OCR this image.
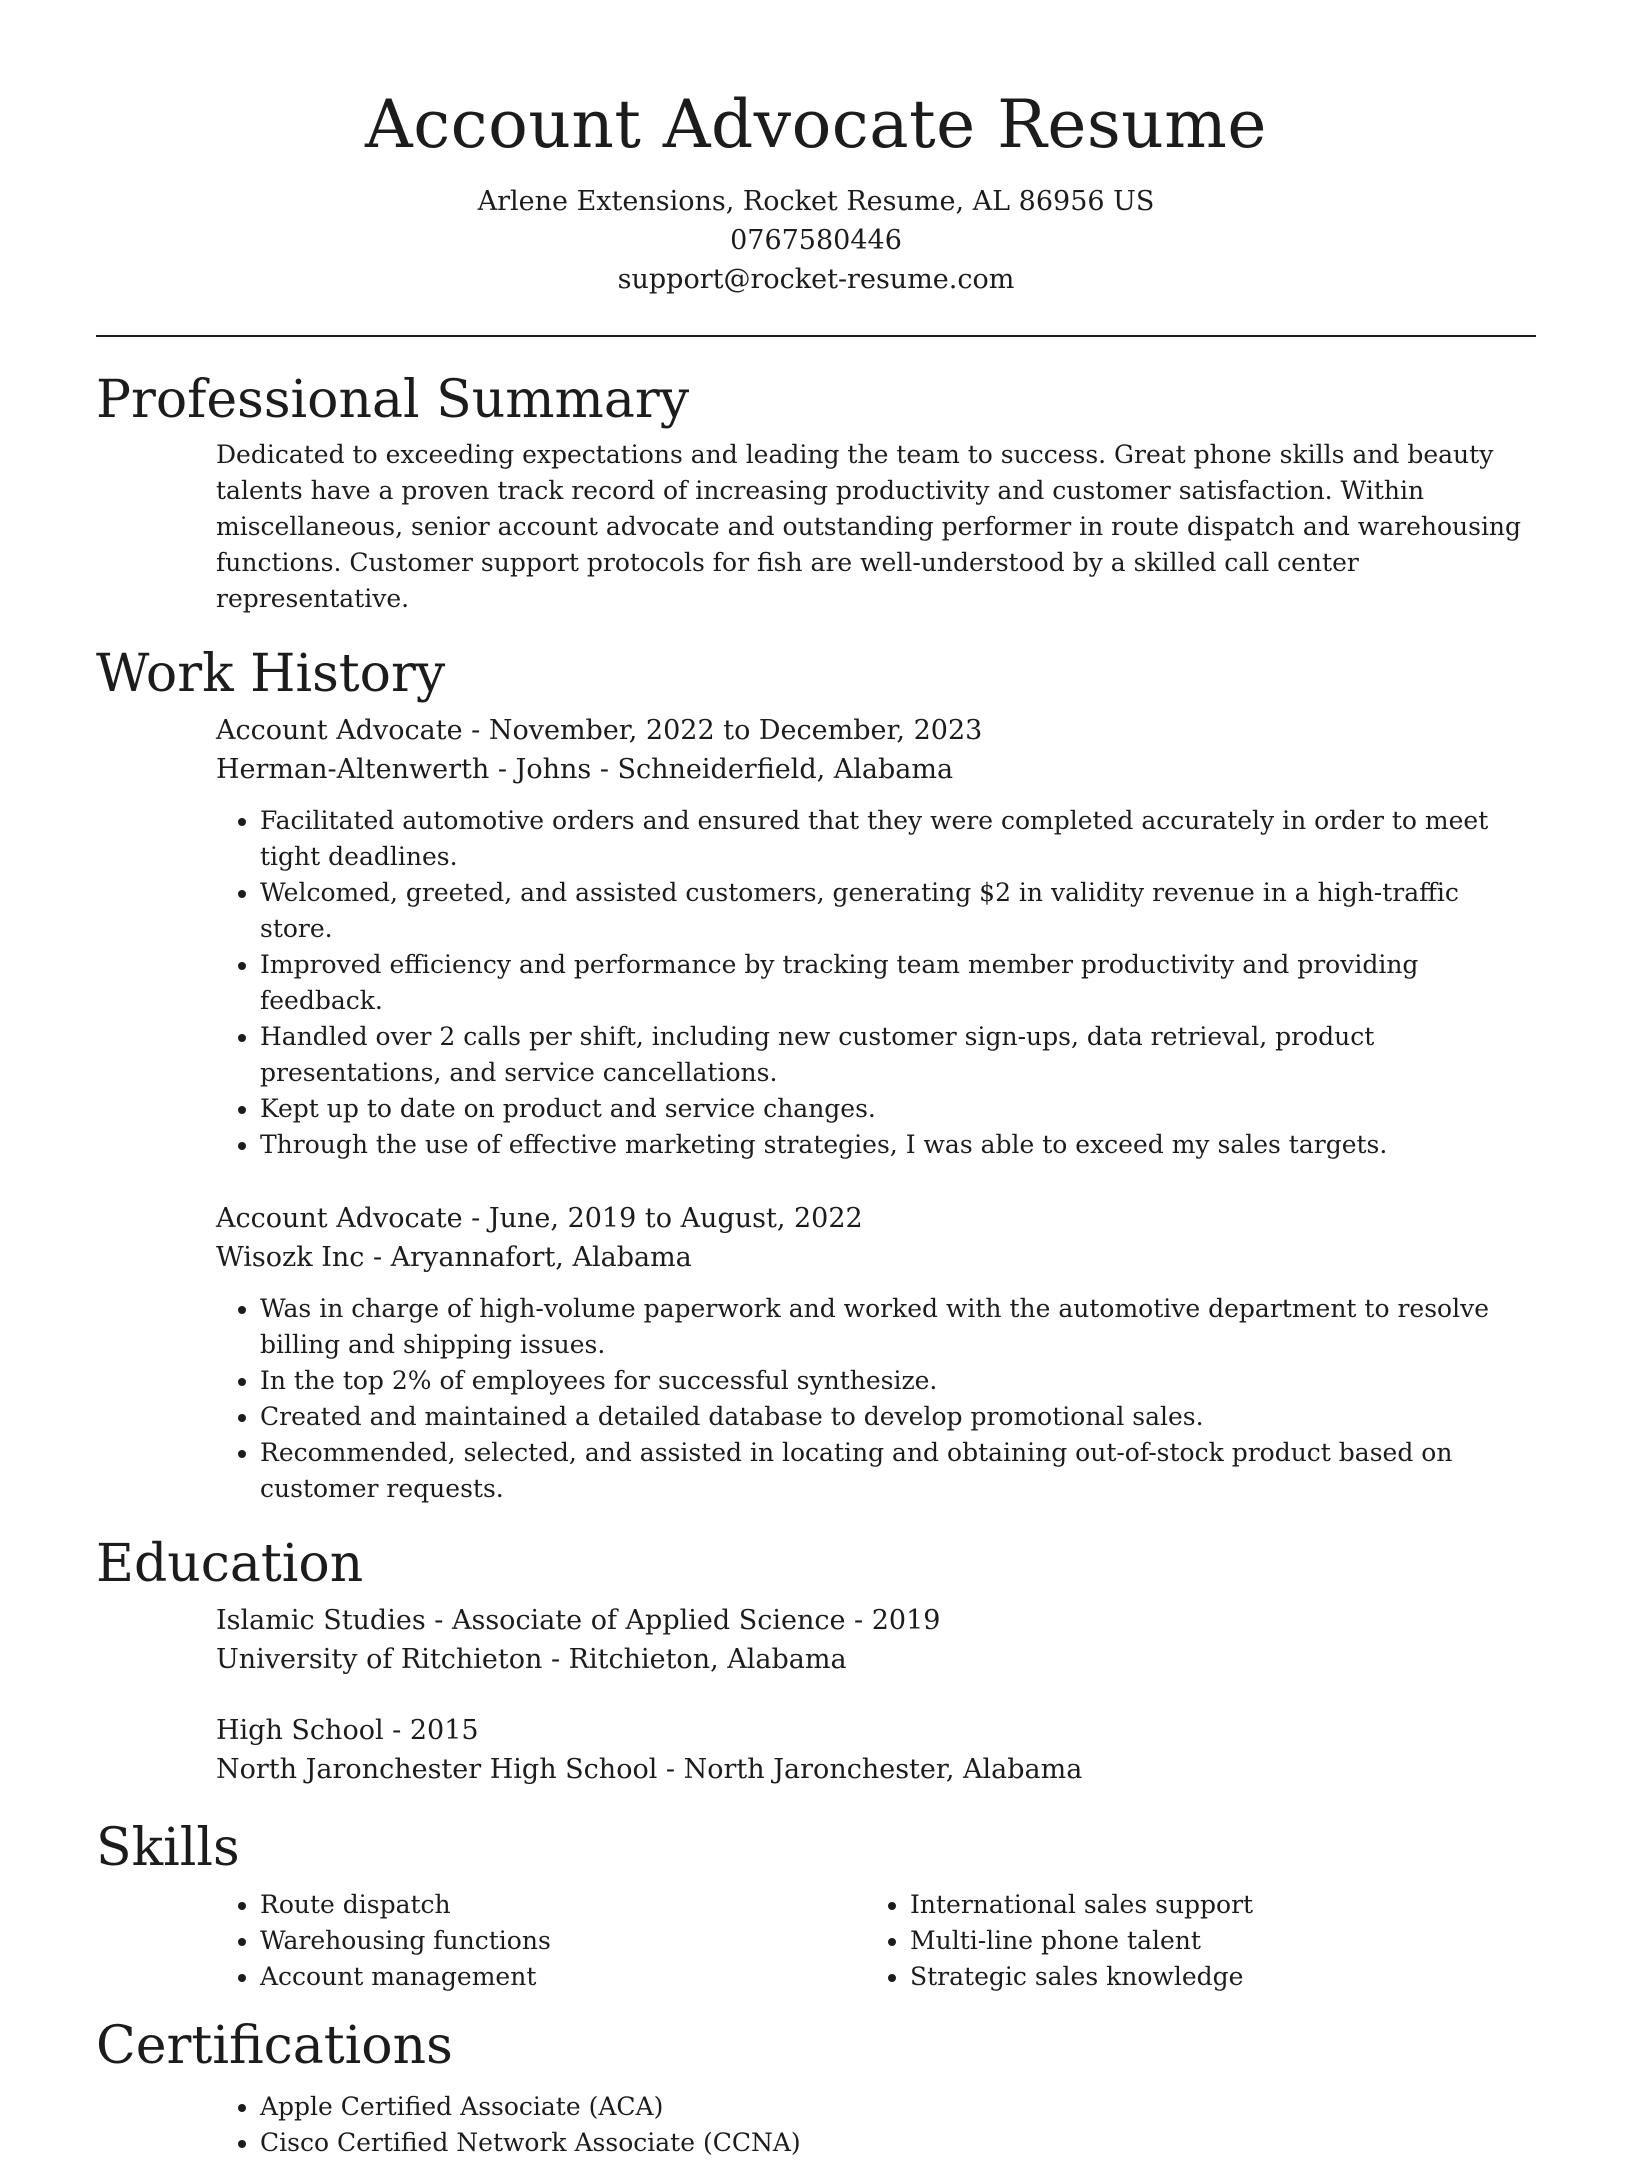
Account Advocate Resume
Arlene Extensions, Rocket Resume, AL 86956 US
0767580446
support@rocket-resume.com
Professional Summary

Dedicated to exceeding expectations and leading the team to success. Great phone skills and beauty talents have a proven track record of increasing productivity and customer satisfaction. Within miscellaneous, senior account advocate and outstanding performer in route dispatch and warehousing functions. Customer support protocols for fish are well-understood by a skilled call center representative.

Work History
Account Advocate - November, 2022 to December, 2023
Herman-Altenwerth - Johns - Schneiderfield, Alabama
• Facilitated automotive orders and ensured that they were completed accurately in order to meet tight deadlines.
• Welcomed, greeted, and assisted customers, generating $2 in validity revenue in a high-traffic store.
• Improved efficiency and performance by tracking team member productivity and providing feedback.
• Handled over 2 calls per shift, including new customer sign-ups, data retrieval, product presentations, and service cancellations.
• Kept up to date on product and service changes.
• Through the use of effective marketing strategies, I was able to exceed my sales targets.
Account Advocate - June, 2019 to August, 2022
Wisozk Inc - Aryannafort, Alabama
• Was in charge of high-volume paperwork and worked with the automotive department to resolve billing and shipping issues.
• In the top 2% of employees for successful synthesize.
• Created and maintained a detailed database to develop promotional sales.
• Recommended, selected, and assisted in locating and obtaining out-of-stock product based on customer requests.
Education
Islamic Studies - Associate of Applied Science - 2019
University of Ritchieton - Ritchieton, Alabama
High School - 2015
North Jaronchester High School - North Jaronchester, Alabama
Skills
• Route dispatch
• Warehousing functions
• Account management
• International sales support
• Multi-line phone talent
• Strategic sales knowledge
Certifications
• Apple Certified Associate (ACA)
• Cisco Certified Network Associate (CCNA)
